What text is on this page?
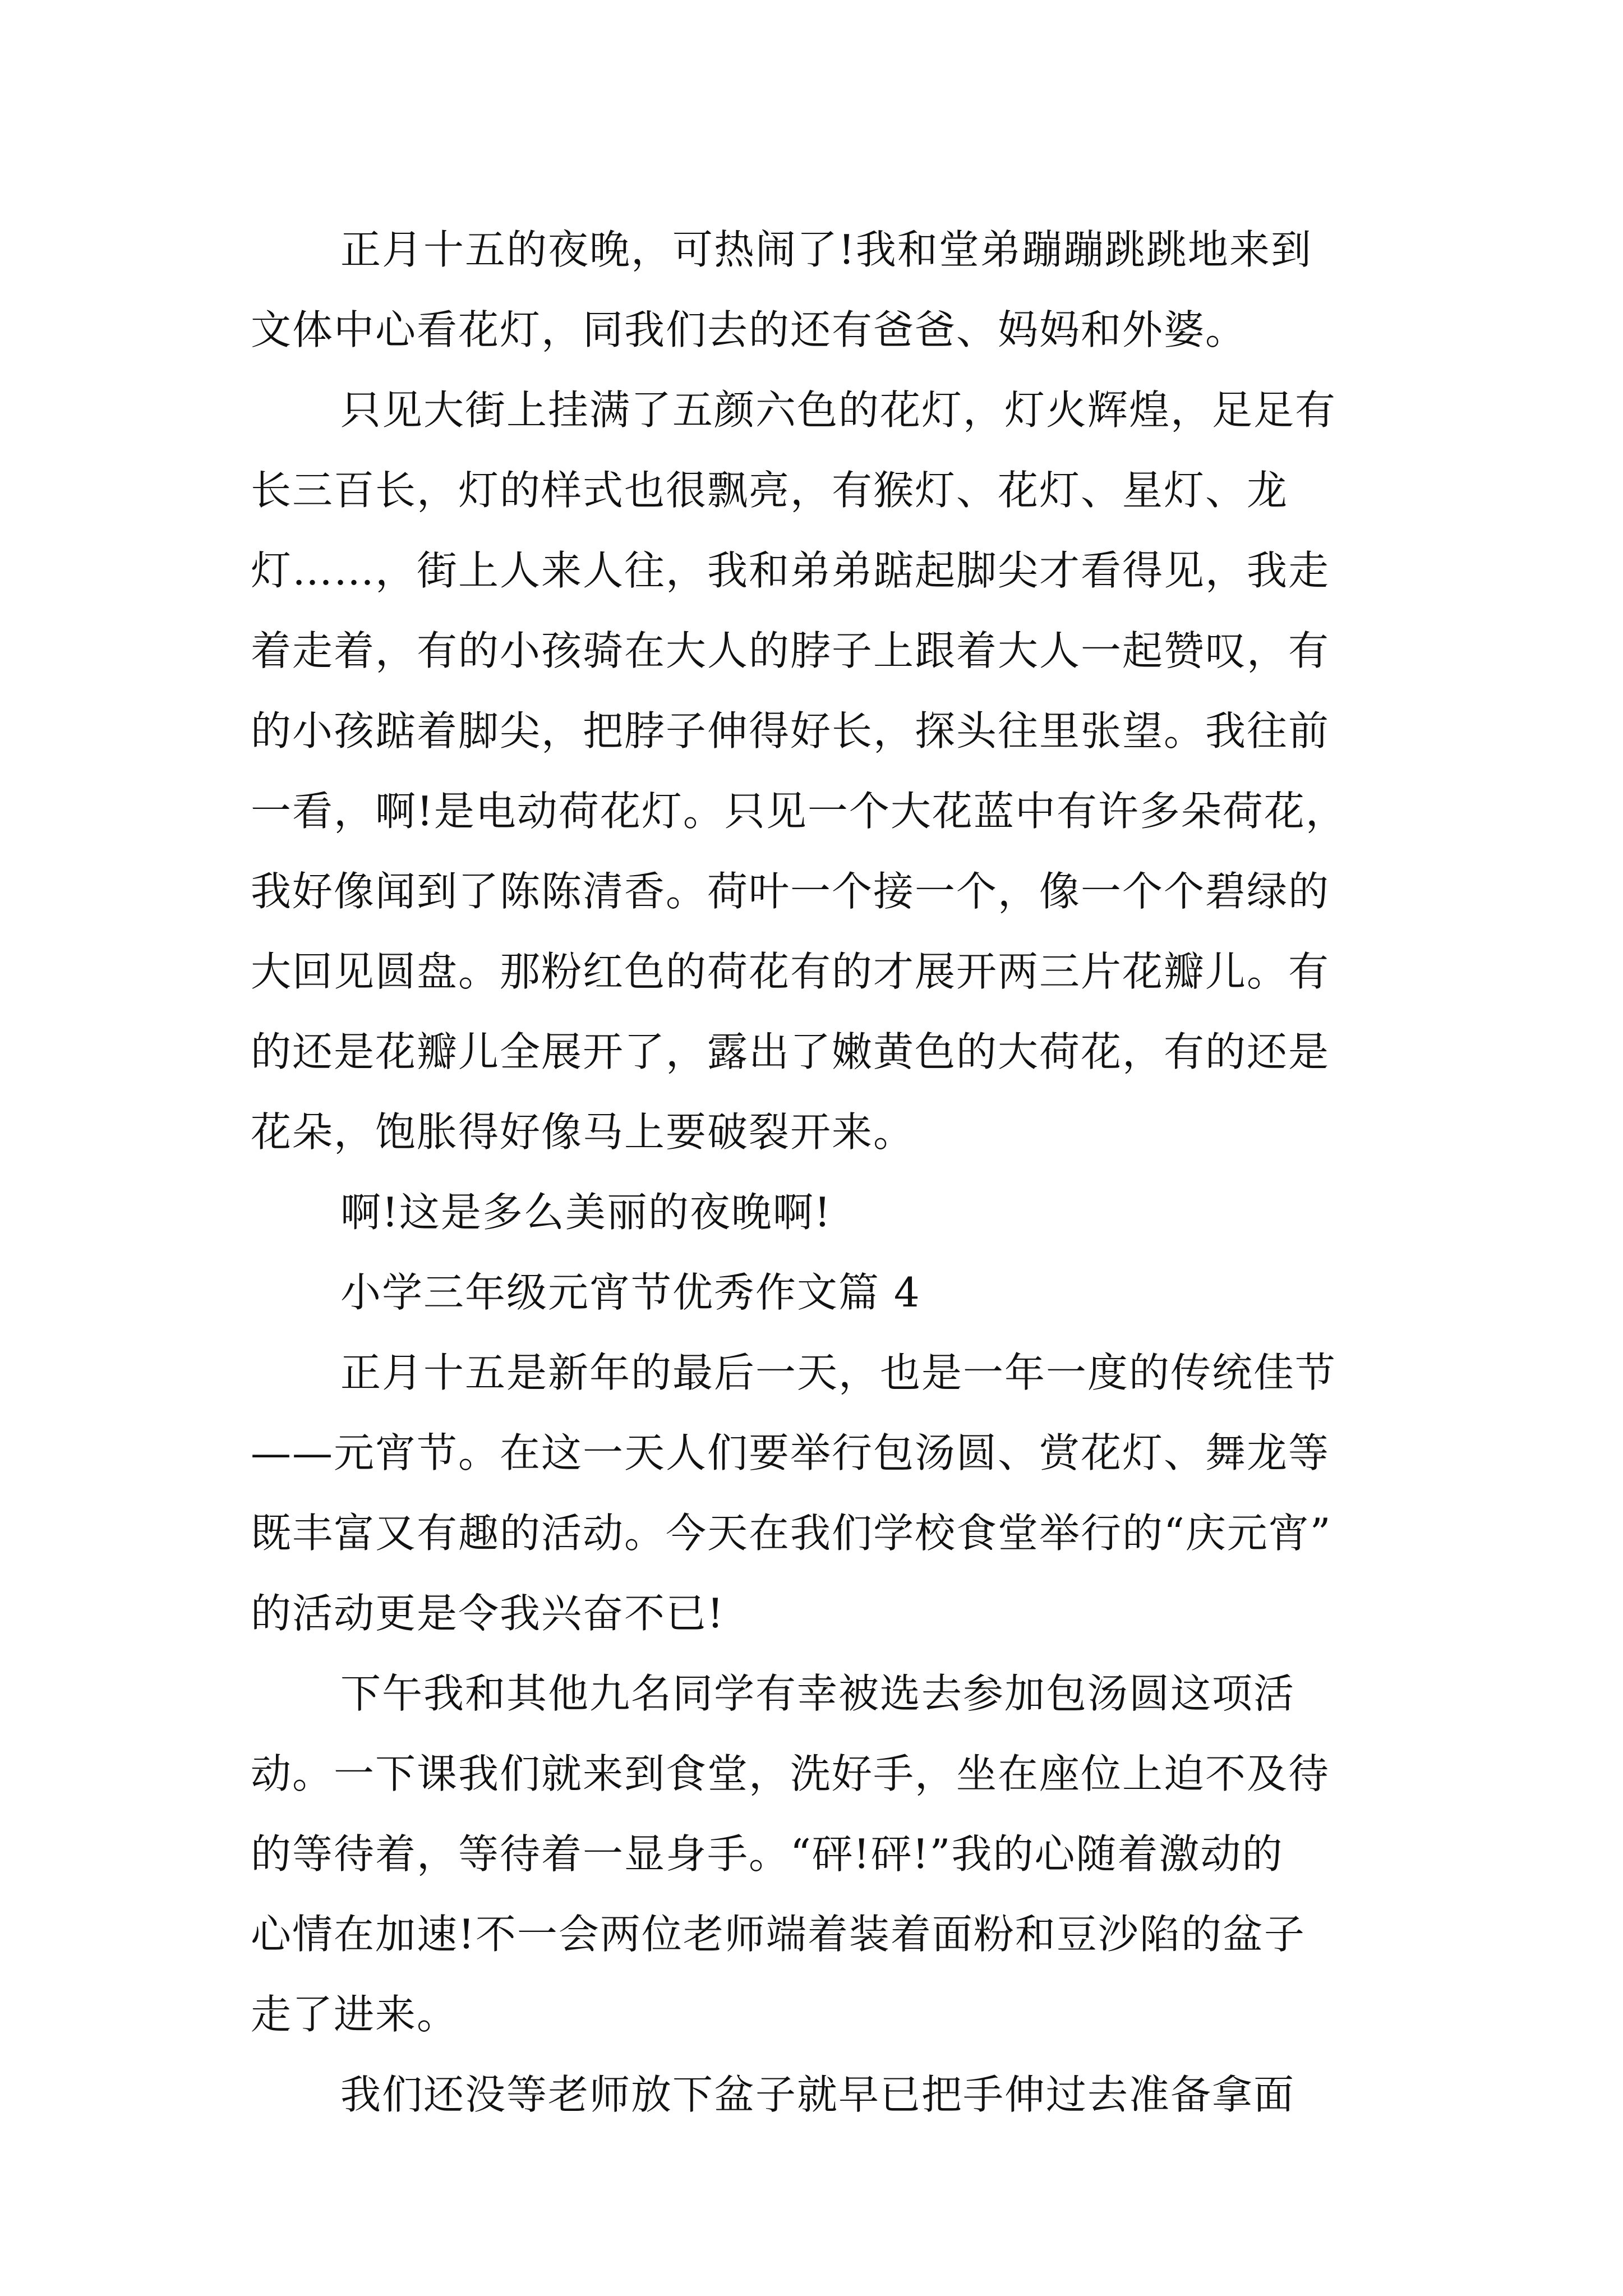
正月十五的夜晚，可热闹了!我和堂弟蹦蹦跳跳地来到
文体中心看花灯，同我们去的还有爸爸、妈妈和外婆。
只见大街上挂满了五颜六色的花灯，灯火辉煌，足足有
长三百长，灯的样式也很飘亮，有猴灯、花灯、星灯、龙
灯……，街上人来人往，我和弟弟踮起脚尖才看得见，我走
着走着，有的小孩骑在大人的脖子上跟着大人一起赞叹，有
的小孩踮着脚尖，把脖子伸得好长，探头往里张望。我往前
一看，啊!是电动荷花灯。只见一个大花蓝中有许多朵荷花，
我好像闻到了陈陈清香。荷叶一个接一个，像一个个碧绿的
大回见圆盘。那粉红色的荷花有的才展开两三片花瓣儿。有
的还是花瓣儿全展开了，露出了嫩黄色的大荷花，有的还是
花朵，饱胀得好像马上要破裂开来。
啊!这是多么美丽的夜晚啊!
小学三年级元宵节优秀作文篇 4
正月十五是新年的最后一天，也是一年一度的传统佳节
——元宵节。在这一天人们要举行包汤圆、赏花灯、舞龙等
既丰富又有趣的活动。今天在我们学校食堂举行的“庆元宵”
的活动更是令我兴奋不已!
下午我和其他九名同学有幸被选去参加包汤圆这项活
动。一下课我们就来到食堂，洗好手，坐在座位上迫不及待
的等待着，等待着一显身手。“砰!砰!”我的心随着激动的
心情在加速!不一会两位老师端着装着面粉和豆沙陷的盆子
走了进来。
我们还没等老师放下盆子就早已把手伸过去准备拿面
